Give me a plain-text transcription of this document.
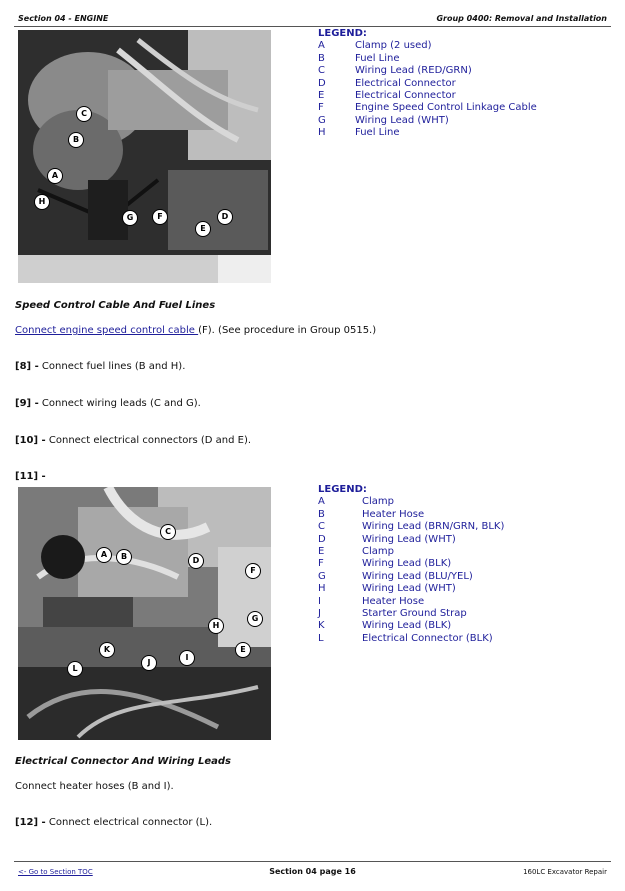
Section 04 - ENGINE	Group 0400: Removal and Installation
C
B
A
H
G	F	D
E
LEGEND:
A	Clamp (2 used)
B	Fuel Line
C	Wiring Lead (RED/GRN)
D	Electrical Connector
E	Electrical Connector
F	Engine Speed Control Linkage Cable
G	Wiring Lead (WHT)
H	Fuel Line
Speed Control Cable And Fuel Lines
Connect engine speed control cable (F). (See procedure in Group 0515.)
[8] - Connect fuel lines (B and H).
[9] - Connect wiring leads (C and G).
[10] - Connect electrical connectors (D and E).
[11] -
A	B
C
D
F
H
G
E
I
J
K
L
LEGEND:
A	Clamp
B	Heater Hose
C	Wiring Lead (BRN/GRN, BLK)
D	Wiring Lead (WHT)
E	Clamp
F	Wiring Lead (BLK)
G	Wiring Lead (BLU/YEL)
H	Wiring Lead (WHT)
I	Heater Hose
J	Starter Ground Strap
K	Wiring Lead (BLK)
L	Electrical Connector (BLK)
Electrical Connector And Wiring Leads
Connect heater hoses (B and I).
[12] - Connect electrical connector (L).
<- Go to Section TOC	Section 04 page 16	160LC Excavator Repair
